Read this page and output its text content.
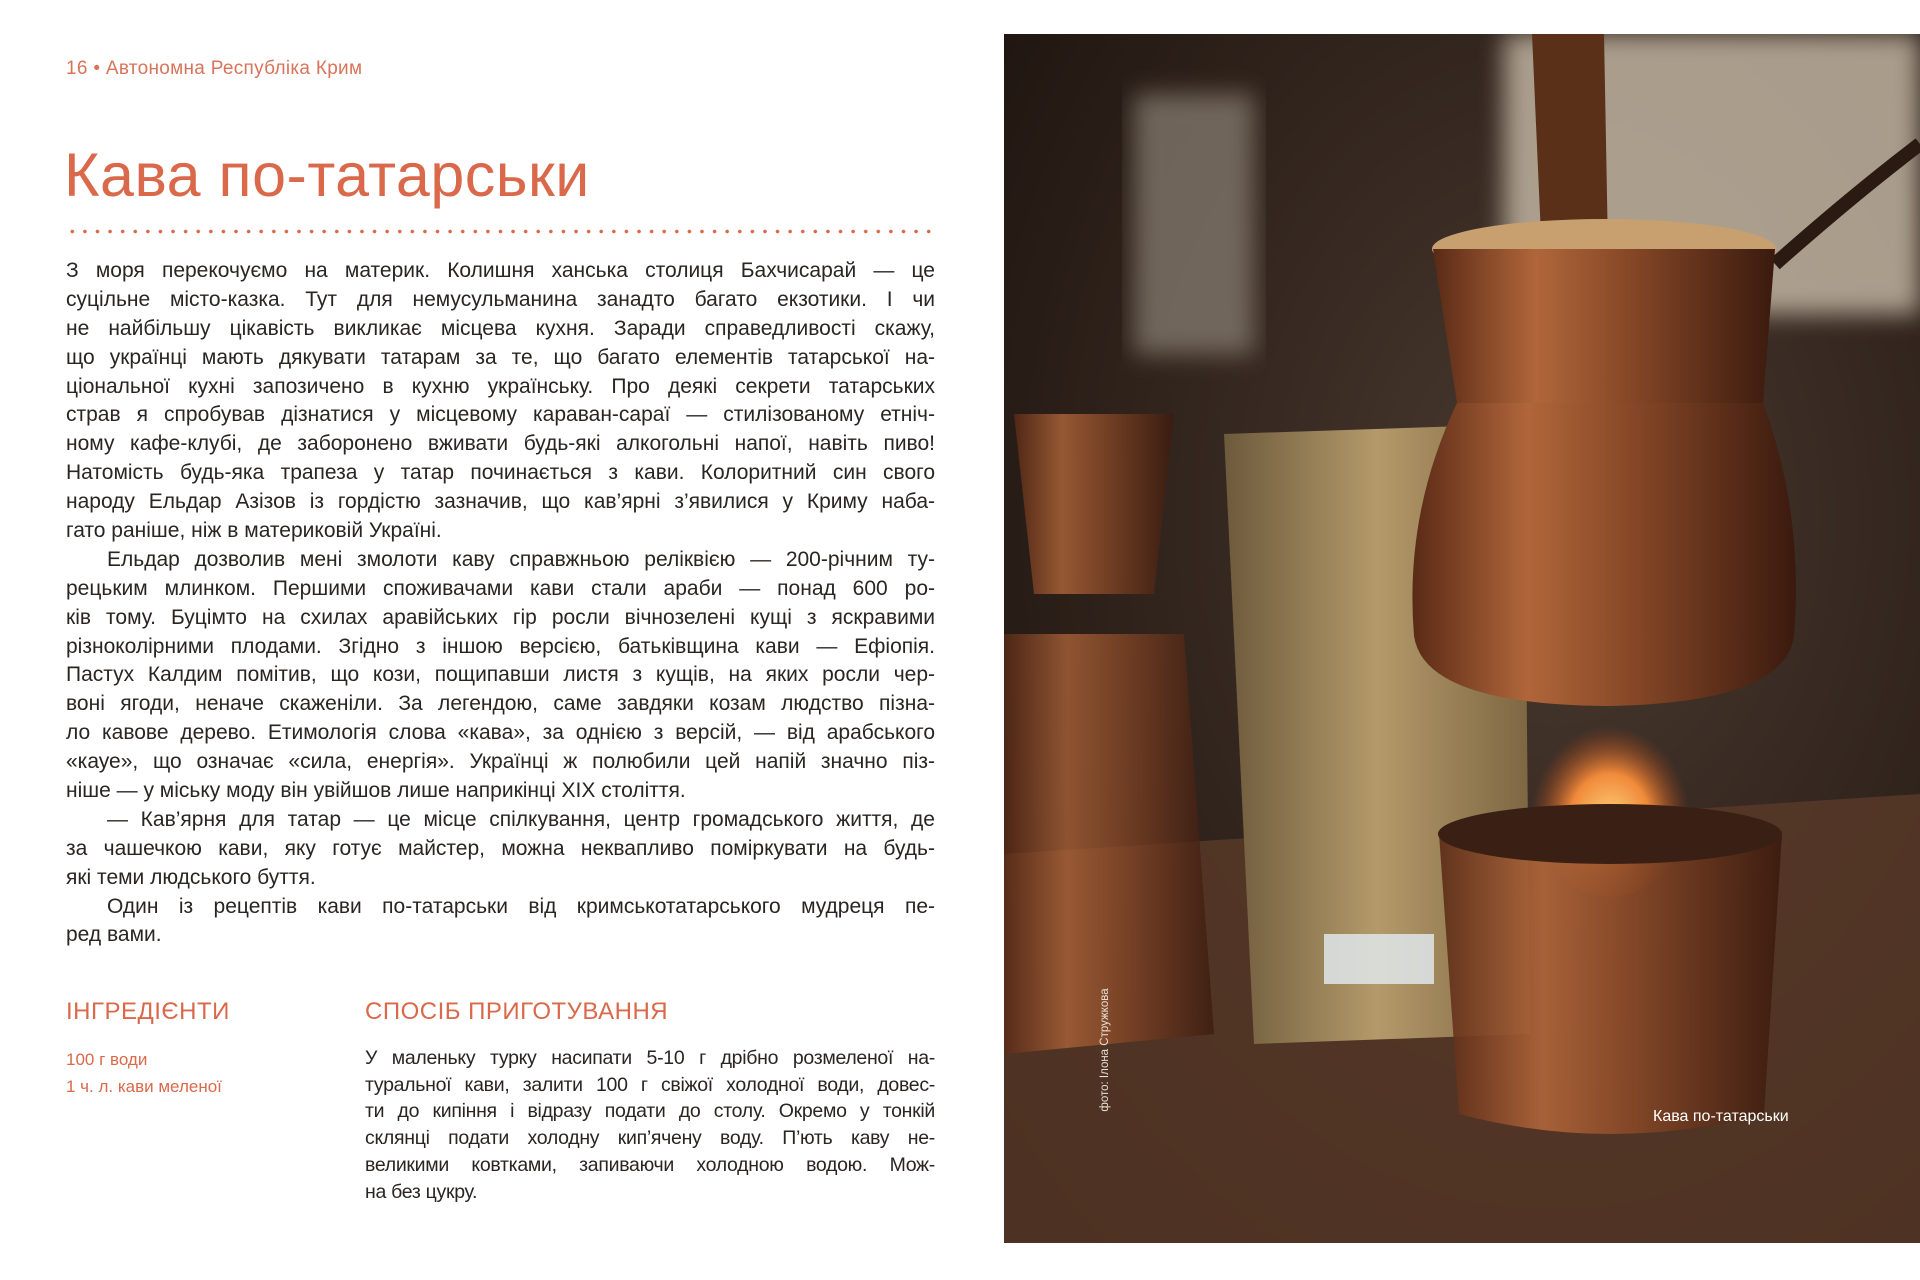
16 • Автономна Республіка Крим
Кава по-татарськи
З моря перекочуємо на материк. Колишня ханська столиця Бахчисарай — це
суцільне місто-казка. Тут для немусульманина занадто багато екзотики. І чи
не найбільшу цікавість викликає місцева кухня. Заради справедливості скажу,
що українці мають дякувати татарам за те, що багато елементів татарської на-
ціональної кухні запозичено в кухню українську. Про деякі секрети татарських
страв я спробував дізнатися у місцевому караван-сараї — стилізованому етніч-
ному кафе-клубі, де заборонено вживати будь-які алкогольні напої, навіть пиво!
Натомість будь-яка трапеза у татар починається з кави. Колоритний син свого
народу Ельдар Азізов із гордістю зазначив, що кав’ярні з’явилися у Криму наба-
гато раніше, ніж в материковій Україні.
Ельдар дозволив мені змолоти каву справжньою реліквією — 200-річним ту-
рецьким млинком. Першими споживачами кави стали араби — понад 600 ро-
ків тому. Буцімто на схилах аравійських гір росли вічнозелені кущі з яскравими
різноколірними плодами. Згідно з іншою версією, батьківщина кави — Ефіопія.
Пастух Калдим помітив, що кози, пощипавши листя з кущів, на яких росли чер-
воні ягоди, неначе скаженіли. За легендою, саме завдяки козам людство пізна-
ло кавове дерево. Етимологія слова «кава», за однією з версій, — від арабського
«кауе», що означає «сила, енергія». Українці ж полюбили цей напій значно піз-
ніше — у міську моду він увійшов лише наприкінці XIX століття.
— Кав’ярня для татар — це місце спілкування, центр громадського життя, де
за чашечкою кави, яку готує майстер, можна неквапливо поміркувати на будь-
які теми людського буття.
Один із рецептів кави по-татарськи від кримськотатарського мудреця пе-
ред вами.
ІНГРЕДІЄНТИ	СПОСІБ ПРИГОТУВАННЯ
100 г води
1 ч. л. кави меленої
У маленьку турку насипати 5-10 г дрібно розмеленої на-
туральної кави, залити 100 г свіжої холодної води, довес-
ти до кипіння і відразу подати до столу. Окремо у тонкій
склянці подати холодну кип’ячену воду. П’ють каву не-
великими ковтками, запиваючи холодною водою. Мож-
на без цукру.
фото: Ілона Стружкова
Кава по-татарськи
